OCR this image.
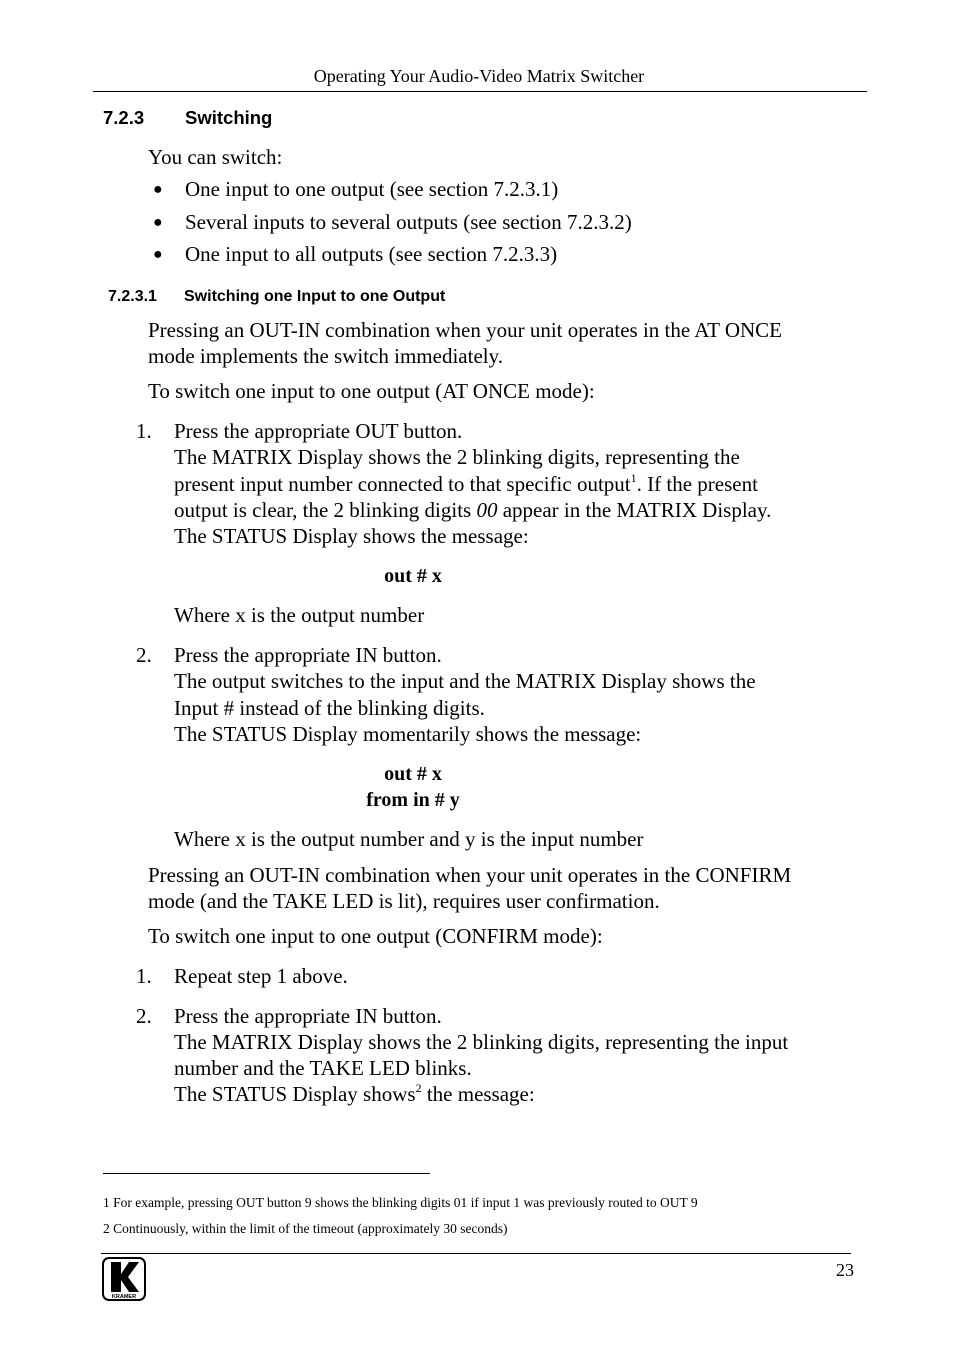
Operating Your Audio-Video Matrix Switcher
7.2.3 Switching
You can switch:
● One input to one output (see section 7.2.3.1)
● Several inputs to several outputs (see section 7.2.3.2)
● One input to all outputs (see section 7.2.3.3)
7.2.3.1 Switching one Input to one Output
Pressing an OUT-IN combination when your unit operates in the AT ONCE
mode implements the switch immediately.
To switch one input to one output (AT ONCE mode):
1. Press the appropriate OUT button.
The MATRIX Display shows the 2 blinking digits, representing the
present input number connected to that specific output$^1$. If the present
output is clear, the 2 blinking digits 00 appear in the MATRIX Display.
The STATUS Display shows the message:
out # x
Where x is the output number
2. Press the appropriate IN button.
The output switches to the input and the MATRIX Display shows the
Input # instead of the blinking digits.
The STATUS Display momentarily shows the message:
out # x
from in # y
Where x is the output number and y is the input number
Pressing an OUT-IN combination when your unit operates in the CONFIRM
mode (and the TAKE LED is lit), requires user confirmation.
To switch one input to one output (CONFIRM mode):
1. Repeat step 1 above.
2. Press the appropriate IN button.
The MATRIX Display shows the 2 blinking digits, representing the input
number and the TAKE LED blinks.
The STATUS Display shows$^2$ the message:
1 For example, pressing OUT button 9 shows the blinking digits 01 if input 1 was previously routed to OUT 9
2 Continuously, within the limit of the timeout (approximately 30 seconds)
KRAMER
23
